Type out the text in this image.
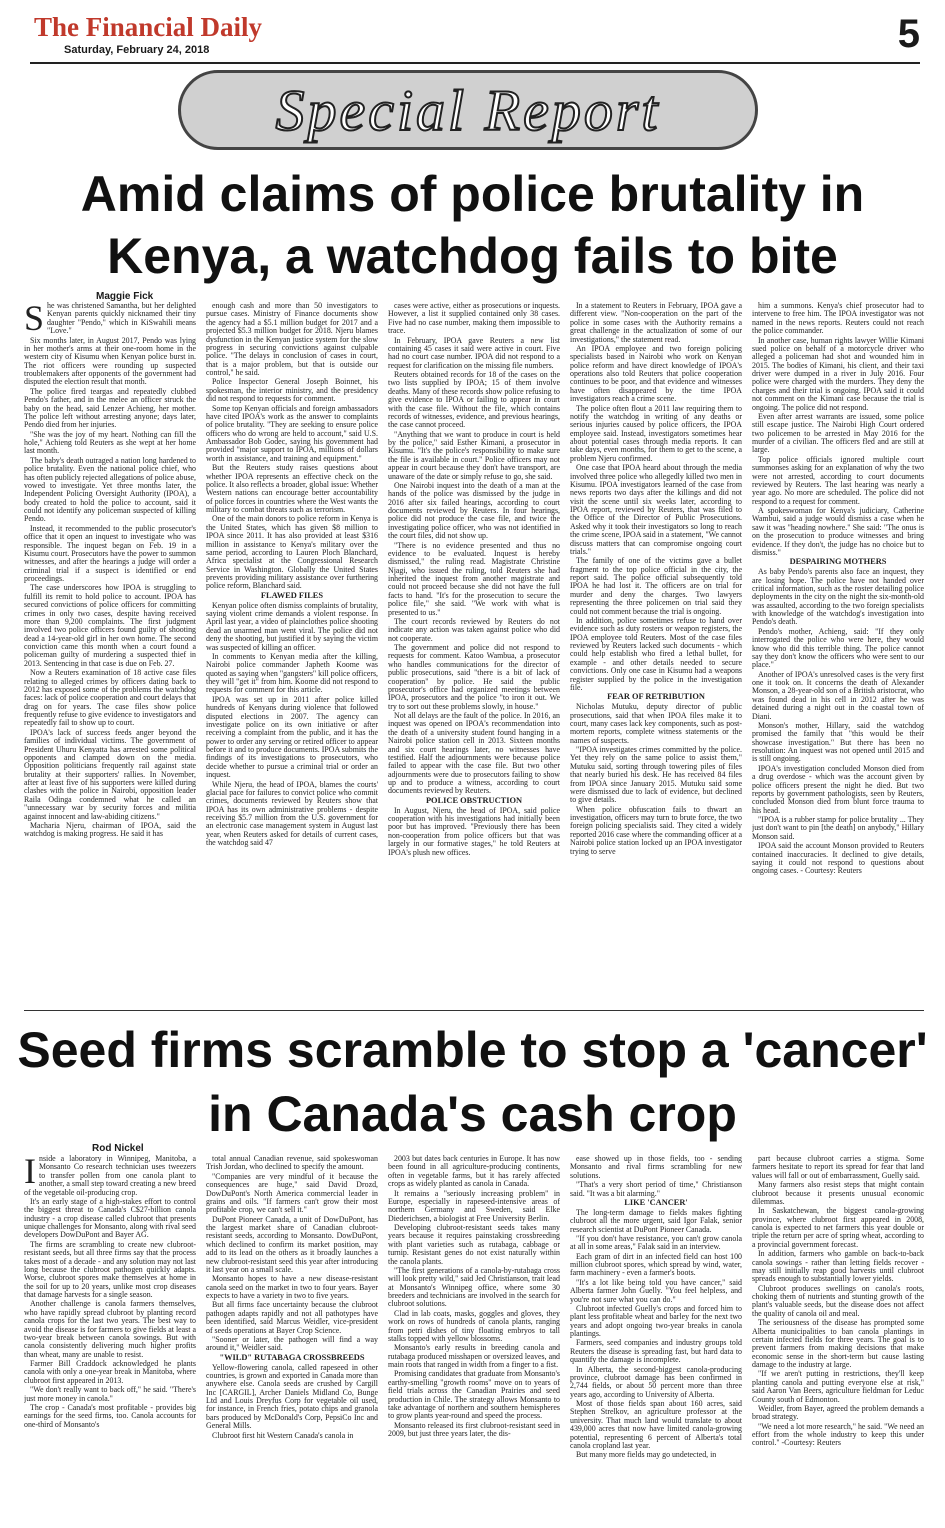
The Financial Daily
Saturday, February 24, 2018	5
Special Report
Amid claims of police brutality in
Kenya, a watchdog fails to bite
Maggie Fick

She was christened Samantha, but her delighted Kenyan parents quickly nicknamed their tiny daughter "Pendo," which in KiSwahili means "Love."

Six months later, in August 2017, Pendo was lying in her mother's arms at their one-room home in the western city of Kisumu when Kenyan police burst in. The riot officers were rounding up suspected troublemakers after opponents of the government had disputed the election result that month.

The police fired teargas and repeatedly clubbed Pendo's father, and in the melee an officer struck the baby on the head, said Lenzer Achieng, her mother. The police left without arresting anyone; days later, Pendo died from her injuries.

"She was the joy of my heart. Nothing can fill the hole," Achieng told Reuters as she wept at her home last month.

The baby's death outraged a nation long hardened to police brutality. Even the national police chief, who has often publicly rejected allegations of police abuse, vowed to investigate. Yet three months later, the Independent Policing Oversight Authority (IPOA), a body created to hold the police to account, said it could not identify any policeman suspected of killing Pendo.

Instead, it recommended to the public prosecutor's office that it open an inquest to investigate who was responsible. The inquest began on Feb. 19 in a Kisumu court. Prosecutors have the power to summon witnesses, and after the hearings a judge will order a criminal trial if a suspect is identified or end proceedings.

The case underscores how IPOA is struggling to fulfill its remit to hold police to account. IPOA has secured convictions of police officers for committing crimes in only two cases, despite having received more than 9,200 complaints. The first judgment involved two police officers found guilty of shooting dead a 14-year-old girl in her own home. The second conviction came this month when a court found a policeman guilty of murdering a suspected thief in 2013. Sentencing in that case is due on Feb. 27.

Now a Reuters examination of 18 active case files relating to alleged crimes by officers dating back to 2012 has exposed some of the problems the watchdog faces: lack of police cooperation and court delays that drag on for years. The case files show police frequently refuse to give evidence to investigators and repeatedly fail to show up to court.

IPOA's lack of success feeds anger beyond the families of individual victims. The government of President Uhuru Kenyatta has arrested some political opponents and clamped down on the media. Opposition politicians frequently rail against state brutality at their supporters' rallies. In November, after at least five of his supporters were killed during clashes with the police in Nairobi, opposition leader Raila Odinga condemned what he called an "unnecessary war by security forces and militia against innocent and law-abiding citizens."

Macharia Njeru, chairman of IPOA, said the watchdog is making progress. He said it has

enough cash and more than 50 investigators to pursue cases. Ministry of Finance documents show the agency had a $5.1 million budget for 2017 and a projected $5.3 million budget for 2018. Njeru blames dysfunction in the Kenyan justice system for the slow progress in securing convictions against culpable police. "The delays in conclusion of cases in court, that is a major problem, but that is outside our control," he said.

Police Inspector General Joseph Boinnet, his spokesman, the interior ministry, and the presidency did not respond to requests for comment.

Some top Kenyan officials and foreign ambassadors have cited IPOA's work as the answer to complaints of police brutality. "They are seeking to ensure police officers who do wrong are held to account," said U.S. Ambassador Bob Godec, saying his government had provided "major support to IPOA, millions of dollars worth in assistance, and training and equipment."

But the Reuters study raises questions about whether IPOA represents an effective check on the police. It also reflects a broader, global issue: Whether Western nations can encourage better accountability of police forces in countries where the West wants the military to combat threats such as terrorism.

One of the main donors to police reform in Kenya is the United States, which has given $8 million to IPOA since 2011. It has also provided at least $316 million in assistance to Kenya's military over the same period, according to Lauren Ploch Blanchard, Africa specialist at the Congressional Research Service in Washington. Globally the United States prevents providing military assistance over furthering police reform, Blanchard said.

FLAWED FILES

Kenyan police often dismiss complaints of brutality, saying violent crime demands a violent response. In April last year, a video of plainclothes police shooting dead an unarmed man went viral. The police did not deny the shooting, but justified it by saying the victim was suspected of killing an officer.

In comments to Kenyan media after the killing, Nairobi police commander Japheth Koome was quoted as saying when "gangsters" kill police officers, they will "get it" from him. Koome did not respond to requests for comment for this article.

IPOA was set up in 2011 after police killed hundreds of Kenyans during violence that followed disputed elections in 2007. The agency can investigate police on its own initiative or after receiving a complaint from the public, and it has the power to order any serving or retired officer to appear before it and to produce documents. IPOA submits the findings of its investigations to prosecutors, who decide whether to pursue a criminal trial or order an inquest.

While Njeru, the head of IPOA, blames the courts' glacial pace for failures to convict police who commit crimes, documents reviewed by Reuters show that IPOA has its own administrative problems - despite receiving $5.7 million from the U.S. government for an electronic case management system in August last year, when Reuters asked for details of current cases, the watchdog said 47

cases were active, either as prosecutions or inquests. However, a list it supplied contained only 38 cases. Five had no case number, making them impossible to trace.

In February, IPOA gave Reuters a new list containing 45 cases it said were active in court. Five had no court case number. IPOA did not respond to a request for clarification on the missing file numbers.

Reuters obtained records for 18 of the cases on the two lists supplied by IPOA; 15 of them involve deaths. Many of these records show police refusing to give evidence to IPOA or failing to appear in court with the case file. Without the file, which contains records of witnesses, evidence, and previous hearings, the case cannot proceed.

"Anything that we want to produce in court is held by the police," said Esther Kimani, a prosecutor in Kisumu. "It's the police's responsibility to make sure the file is available in court." Police officers may not appear in court because they don't have transport, are unaware of the date or simply refuse to go, she said.

One Nairobi inquest into the death of a man at the hands of the police was dismissed by the judge in 2016 after six failed hearings, according to court documents reviewed by Reuters. In four hearings, police did not produce the case file, and twice the investigating police officer, who was not identified in the court files, did not show up.

"There is no evidence presented and thus no evidence to be evaluated. Inquest is hereby dismissed," the ruling read. Magistrate Christine Njagi, who issued the ruling, told Reuters she had inherited the inquest from another magistrate and could not proceed because she did not have the full facts to hand. "It's for the prosecution to secure the police file," she said. "We work with what is presented to us."

The court records reviewed by Reuters do not indicate any action was taken against police who did not cooperate.

The government and police did not respond to requests for comment. Katoo Wambua, a prosecutor who handles communications for the director of public prosecutions, said "there is a bit of lack of cooperation" by police. He said the public prosecutor's office had organized meetings between IPOA, prosecutors and the police "to iron it out. We try to sort out these problems slowly, in house."

Not all delays are the fault of the police. In 2016, an inquest was opened on IPOA's recommendation into the death of a university student found hanging in a Nairobi police station cell in 2013. Sixteen months and six court hearings later, no witnesses have testified. Half the adjournments were because police failed to appear with the case file. But two other adjournments were due to prosecutors failing to show up and to produce a witness, according to court documents reviewed by Reuters.

POLICE OBSTRUCTION

In August, Njeru, the head of IPOA, said police cooperation with his investigations had initially been poor but has improved. "Previously there has been non-cooperation from police officers but that was largely in our formative stages," he told Reuters at IPOA's plush new offices.

In a statement to Reuters in February, IPOA gave a different view. "Non-cooperation on the part of the police in some cases with the Authority remains a great challenge in the actualization of some of our investigations," the statement read.

An IPOA employee and two foreign policing specialists based in Nairobi who work on Kenyan police reform and have direct knowledge of IPOA's operations also told Reuters that police cooperation continues to be poor, and that evidence and witnesses have often disappeared by the time IPOA investigators reach a crime scene.

The police often flout a 2011 law requiring them to notify the watchdog in writing of any deaths or serious injuries caused by police officers, the IPOA employee said. Instead, investigators sometimes hear about potential cases through media reports. It can take days, even months, for them to get to the scene, a problem Njeru confirmed.

One case that IPOA heard about through the media involved three police who allegedly killed two men in Kisumu. IPOA investigators learned of the case from news reports two days after the killings and did not visit the scene until six weeks later, according to IPOA report, reviewed by Reuters, that was filed to the Office of the Director of Public Prosecutions. Asked why it took their investigators so long to reach the crime scene, IPOA said in a statement, "We cannot discuss matters that can compromise ongoing court trials."

The family of one of the victims gave a bullet fragment to the top police official in the city, the report said. The police official subsequently told IPOA he had lost it. The officers are on trial for murder and deny the charges. Two lawyers representing the three policemen on trial said they could not comment because the trial is ongoing.

In addition, police sometimes refuse to hand over evidence such as duty rosters or weapon registers, the IPOA employee told Reuters. Most of the case files reviewed by Reuters lacked such documents - which could help establish who fired a lethal bullet, for example - and other details needed to secure convictions. Only one case in Kisumu had a weapons register supplied by the police in the investigation file.

FEAR OF RETRIBUTION

Nicholas Mutuku, deputy director of public prosecutions, said that when IPOA files make it to court, many cases lack key components, such as post-mortem reports, complete witness statements or the names of suspects.

"IPOA investigates crimes committed by the police. Yet they rely on the same police to assist them," Mutuku said, sorting through towering piles of files that nearly buried his desk. He has received 84 files from IPOA since January 2015. Mutuku said some were dismissed due to lack of evidence, but declined to give details.

When police obfuscation fails to thwart an investigation, officers may turn to brute force, the two foreign policing specialists said. They cited a widely reported 2016 case where the commanding officer at a Nairobi police station locked up an IPOA investigator trying to serve

him a summons. Kenya's chief prosecutor had to intervene to free him. The IPOA investigator was not named in the news reports. Reuters could not reach the police commander.

In another case, human rights lawyer Willie Kimani sued police on behalf of a motorcycle driver who alleged a policeman had shot and wounded him in 2015. The bodies of Kimani, his client, and their taxi driver were dumped in a river in July 2016. Four police were charged with the murders. They deny the charges and their trial is ongoing. IPOA said it could not comment on the Kimani case because the trial is ongoing. The police did not respond.

Even after arrest warrants are issued, some police still escape justice. The Nairobi High Court ordered two policemen to be arrested in May 2016 for the murder of a civilian. The officers fled and are still at large.

Top police officials ignored multiple court summonses asking for an explanation of why the two were not arrested, according to court documents reviewed by Reuters. The last hearing was nearly a year ago. No more are scheduled. The police did not respond to a request for comment.

A spokeswoman for Kenya's judiciary, Catherine Wambui, said a judge would dismiss a case when he saw it was "heading nowhere." She said: "The onus is on the prosecution to produce witnesses and bring evidence. If they don't, the judge has no choice but to dismiss."

DESPAIRING MOTHERS

As baby Pendo's parents also face an inquest, they are losing hope. The police have not handed over critical information, such as the roster detailing police deployments in the city on the night the six-month-old was assaulted, according to the two foreign specialists with knowledge of the watchdog's investigation into Pendo's death.

Pendo's mother, Achieng, said: "If they only interrogated the police who were here, they would know who did this terrible thing. The police cannot say they don't know the officers who were sent to our place."

Another of IPOA's unresolved cases is the very first one it took on. It concerns the death of Alexander Monson, a 28-year-old son of a British aristocrat, who was found dead in his cell in 2012 after he was detained during a night out in the coastal town of Diani.

Monson's mother, Hillary, said the watchdog promised the family that "this would be their showcase investigation." But there has been no resolution: An inquest was not opened until 2015 and is still ongoing.

IPOA's investigation concluded Monson died from a drug overdose - which was the account given by police officers present the night he died. But two reports by government pathologists, seen by Reuters, concluded Monson died from blunt force trauma to his head.

"IPOA is a rubber stamp for police brutality ... They just don't want to pin [the death] on anybody," Hillary Monson said.

IPOA said the account Monson provided to Reuters contained inaccuracies. It declined to give details, saying it could not respond to questions about ongoing cases. - Courtesy: Reuters

Seed firms scramble to stop a 'cancer'
in Canada's cash crop
Rod Nickel

Inside a laboratory in Winnipeg, Manitoba, a Monsanto Co research technician uses tweezers to transfer pollen from one canola plant to another, a small step toward creating a new breed of the vegetable oil-producing crop.

It's an early stage of a high-stakes effort to control the biggest threat to Canada's C$27-billion canola industry - a crop disease called clubroot that presents unique challenges for Monsanto, along with rival seed developers DowDuPont and Bayer AG.

The firms are scrambling to create new clubroot-resistant seeds, but all three firms say that the process takes most of a decade - and any solution may not last long because the clubroot pathogen quickly adapts. Worse, clubroot spores make themselves at home in the soil for up to 20 years, unlike most crop diseases that damage harvests for a single season.

Another challenge is canola farmers themselves, who have rapidly spread clubroot by planting record canola crops for the last two years. The best way to avoid the disease is for farmers to give fields at least a two-year break between canola sowings. But with canola consistently delivering much higher profits than wheat, many are unable to resist.

Farmer Bill Craddock acknowledged he plants canola with only a one-year break in Manitoba, where clubroot first appeared in 2013.

"We don't really want to back off," he said. "There's just more money in canola."

The crop - Canada's most profitable - provides big earnings for the seed firms, too. Canola accounts for one-third of Monsanto's

total annual Canadian revenue, said spokeswoman Trish Jordan, who declined to specify the amount.

"Companies are very mindful of it because the consequences are huge," said David Drozd, DowDuPont's North America commercial leader in grains and oils. "If farmers can't grow their most profitable crop, we can't sell it."

DuPont Pioneer Canada, a unit of DowDuPont, has the largest market share of Canadian clubroot-resistant seeds, according to Monsanto. DowDuPont, which declined to confirm its market position, may add to its lead on the others as it broadly launches a new clubroot-resistant seed this year after introducing it last year on a small scale.

Monsanto hopes to have a new disease-resistant canola seed on the market in two to four years. Bayer expects to have a variety in two to five years.

But all firms face uncertainty because the clubroot pathogen adapts rapidly and not all pathotypes have been identified, said Marcus Weidler, vice-president of seeds operations at Bayer Crop Science.

"Sooner or later, the pathogen will find a way around it," Weidler said.

"WILD" RUTABAGA CROSSBREEDS

Yellow-flowering canola, called rapeseed in other countries, is grown and exported in Canada more than anywhere else. Canola seeds are crushed by Cargill Inc [CARGIL], Archer Daniels Midland Co, Bunge Ltd and Louis Dreyfus Corp for vegetable oil used, for instance, in French fries, potato chips and granola bars produced by McDonald's Corp, PepsiCo Inc and General Mills.

Clubroot first hit Western Canada's canola in

2003 but dates back centuries in Europe. It has now been found in all agriculture-producing continents, often in vegetable farms, but it has rarely affected crops as widely planted as canola in Canada.

It remains a "seriously increasing problem" in Europe, especially in rapeseed-intensive areas of northern Germany and Sweden, said Elke Diederichsen, a biologist at Free University Berlin.

Developing clubroot-resistant seeds takes many years because it requires painstaking crossbreeding with plant varieties such as rutabaga, cabbage or turnip. Resistant genes do not exist naturally within the canola plants.

"The first generations of a canola-by-rutabaga cross will look pretty wild," said Jed Christianson, trait lead at Monsanto's Winnipeg office, where some 30 breeders and technicians are involved in the search for clubroot solutions.

Clad in lab coats, masks, goggles and gloves, they work on rows of hundreds of canola plants, ranging from petri dishes of tiny floating embryos to tall stalks topped with yellow blossoms.

Monsanto's early results in breeding canola and rutabaga produced misshapen or oversized leaves, and main roots that ranged in width from a finger to a fist.

Promising candidates that graduate from Monsanto's earthy-smelling "growth rooms" move on to years of field trials across the Canadian Prairies and seed production in Chile. The strategy allows Monsanto to take advantage of northern and southern hemispheres to grow plants year-round and speed the process.

Monsanto released its first clubroot-resistant seed in 2009, but just three years later, the dis-

ease showed up in those fields, too - sending Monsanto and rival firms scrambling for new solutions.

"That's a very short period of time," Christianson said. "It was a bit alarming."

LIKE 'CANCER'

The long-term damage to fields makes fighting clubroot all the more urgent, said Igor Falak, senior research scientist at DuPont Pioneer Canada.

"If you don't have resistance, you can't grow canola at all in some areas," Falak said in an interview.

Each gram of dirt in an infected field can host 100 million clubroot spores, which spread by wind, water, farm machinery - even a farmer's boots.

"It's a lot like being told you have cancer," said Alberta farmer John Guelly. "You feel helpless, and you're not sure what you can do."

Clubroot infected Guelly's crops and forced him to plant less profitable wheat and barley for the next two years and adopt ongoing two-year breaks in canola plantings.

Farmers, seed companies and industry groups told Reuters the disease is spreading fast, but hard data to quantify the damage is incomplete.

In Alberta, the second-biggest canola-producing province, clubroot damage has been confirmed in 2,744 fields, or about 50 percent more than three years ago, according to University of Alberta.

Most of those fields span about 160 acres, said Stephen Strelkov, an agriculture professor at the university. That much land would translate to about 439,000 acres that now have limited canola-growing potential, representing 6 percent of Alberta's total canola cropland last year.

But many more fields may go undetected, in

part because clubroot carries a stigma. Some farmers hesitate to report its spread for fear that land values will fall or out of embarrassment, Guelly said.

Many farmers also resist steps that might contain clubroot because it presents unusual economic dilemmas.

In Saskatchewan, the biggest canola-growing province, where clubroot first appeared in 2008, canola is expected to net farmers this year double or triple the return per acre of spring wheat, according to a provincial government forecast.

In addition, farmers who gamble on back-to-back canola sowings - rather than letting fields recover - may still initially reap good harvests until clubroot spreads enough to substantially lower yields.

Clubroot produces swellings on canola's roots, choking them of nutrients and stunting growth of the plant's valuable seeds, but the disease does not affect the quality of canola oil and meal.

The seriousness of the disease has prompted some Alberta municipalities to ban canola plantings in certain infected fields for three years. The goal is to prevent farmers from making decisions that make economic sense in the short-term but cause lasting damage to the industry at large.

"If we aren't putting in restrictions, they'll keep planting canola and putting everyone else at risk," said Aaron Van Beers, agriculture fieldman for Leduc County south of Edmonton.

Weidler, from Bayer, agreed the problem demands a broad strategy.

"We need a lot more research," he said. "We need an effort from the whole industry to keep this under control." -Courtesy: Reuters
